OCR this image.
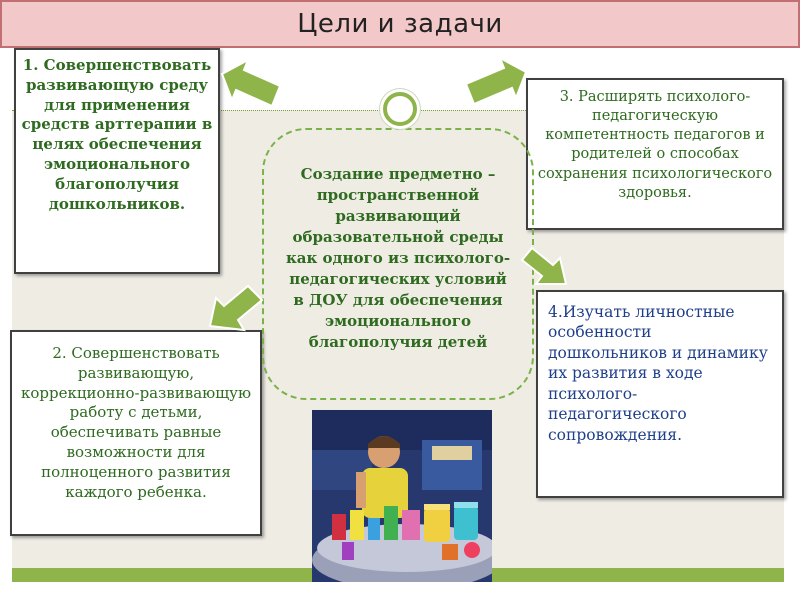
Цели и задачи
1. Совершенствовать развивающую среду для применения средств арттерапии в целях обеспечения эмоционального благополучия дошкольников.
2. Совершенствовать развивающую, коррекционно-развивающую работу с детьми, обеспечивать равные возможности для полноценного развития каждого ребенка.
3. Расширять психолого-педагогическую компетентность педагогов и родителей о способах сохранения психологического здоровья.
4.Изучать личностные особенности дошкольников и динамику их развития в ходе психолого-педагогического сопровождения.
Создание предметно – пространственной развивающий образовательной среды как одного из психолого-педагогических условий в ДОУ для обеспечения эмоционального благополучия детей
